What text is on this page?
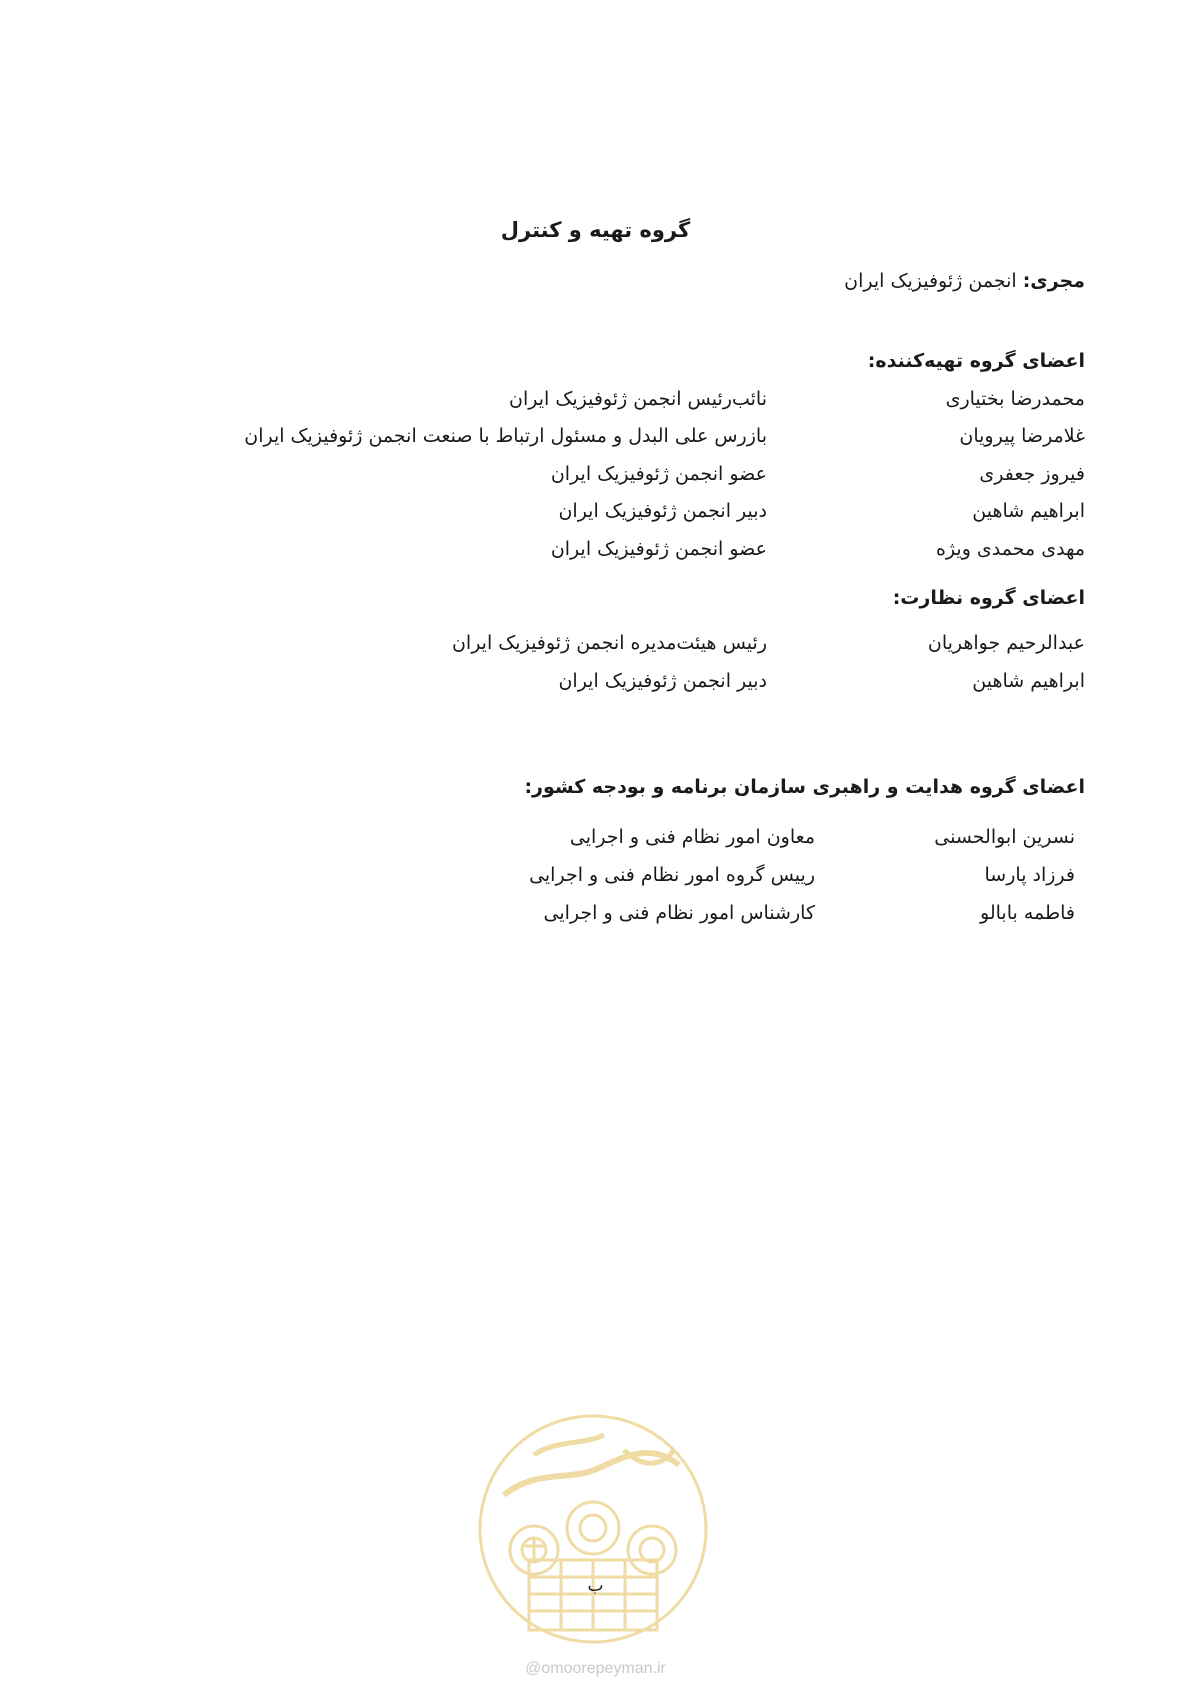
گروه تهیه و کنترل
مجری: انجمن ژئوفیزیک ایران
اعضای گروه تهیه‌کننده:
محمدرضا بختیاری
نائب‌رئیس انجمن ژئوفیزیک ایران
غلامرضا پیرویان
بازرس علی البدل و مسئول ارتباط با صنعت انجمن ژئوفیزیک ایران
فیروز جعفری
عضو انجمن ژئوفیزیک ایران
ابراهیم شاهین
دبیر انجمن ژئوفیزیک ایران
مهدی محمدی ویژه
عضو انجمن ژئوفیزیک ایران
اعضای گروه نظارت:
عبدالرحیم جواهریان
رئیس هیئت‌مدیره انجمن ژئوفیزیک ایران
ابراهیم شاهین
دبیر انجمن ژئوفیزیک ایران
اعضای گروه هدایت و راهبری سازمان برنامه و بودجه کشور:
نسرین ابوالحسنی
معاون امور نظام فنی و اجرایی
فرزاد پارسا
رییس گروه امور نظام فنی و اجرایی
فاطمه بابالو
کارشناس امور نظام فنی و اجرایی
ب
@omoorepeyman.ir
